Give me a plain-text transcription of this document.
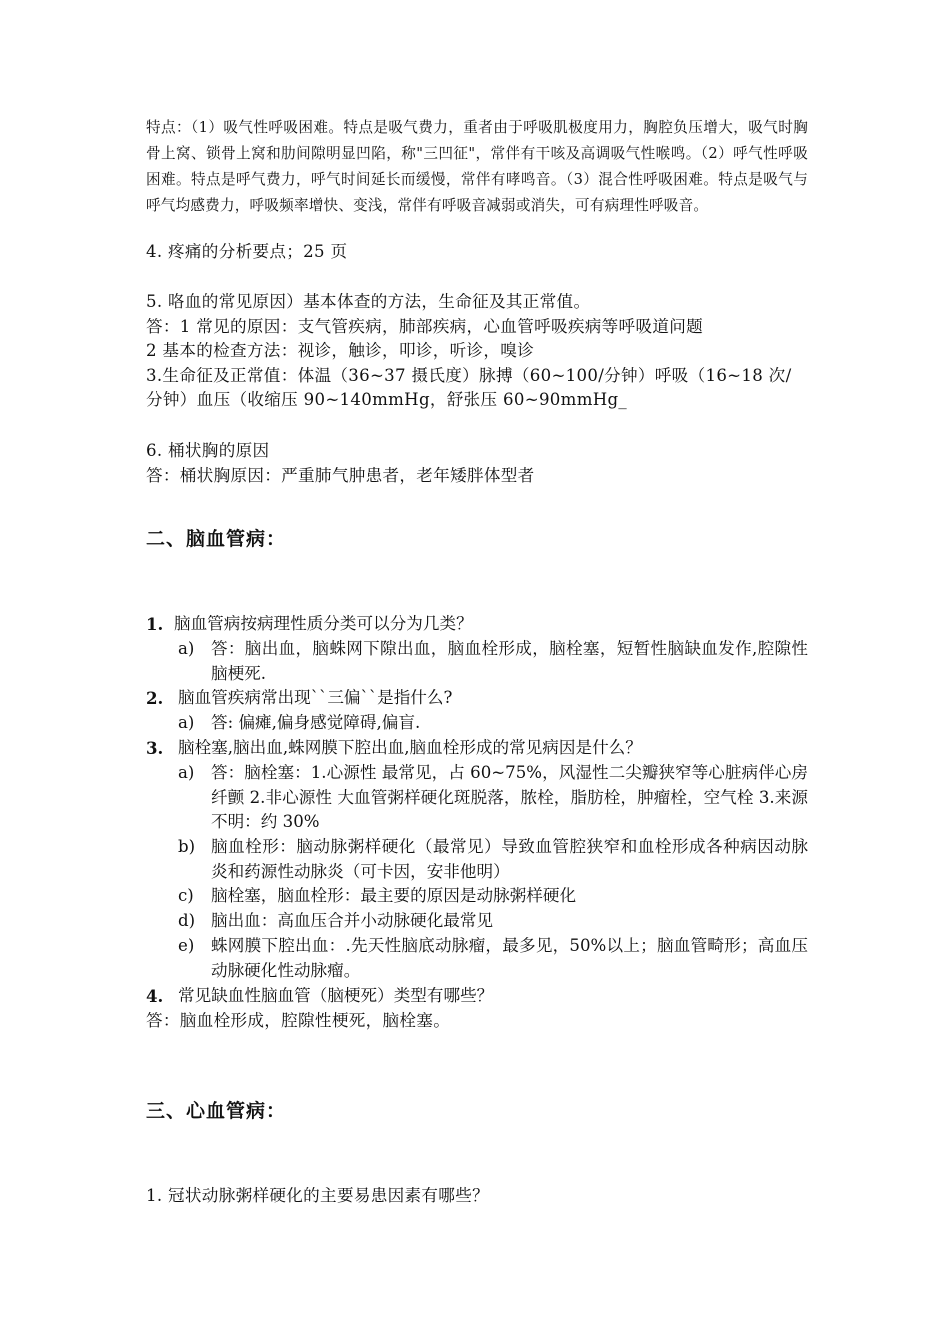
特点：（1）吸气性呼吸困难。特点是吸气费力，重者由于呼吸肌极度用力，胸腔负压增大，吸气时胸骨上窝、锁骨上窝和肋间隙明显凹陷，称"三凹征"，常伴有干咳及高调吸气性喉鸣。（2）呼气性呼吸困难。特点是呼气费力，呼气时间延长而缓慢，常伴有哮鸣音。（3）混合性呼吸困难。特点是吸气与呼气均感费力，呼吸频率增快、变浅，常伴有呼吸音减弱或消失，可有病理性呼吸音。

4. 疼痛的分析要点；25 页

5. 咯血的常见原因）基本体查的方法，生命征及其正常值。

答：1 常见的原因：支气管疾病，肺部疾病，心血管呼吸疾病等呼吸道问题

2 基本的检查方法：视诊，触诊，叩诊，听诊，嗅诊

3.生命征及正常值：体温（36~37 摄氏度）脉搏（60~100/分钟）呼吸（16~18 次/分钟）血压（收缩压 90~140mmHg，舒张压 60~90mmHg_

6. 桶状胸的原因

答：桶状胸原因：严重肺气肿患者，老年矮胖体型者

二、脑血管病：
1. 脑血管病按病理性质分类可以分为几类？
a) 答：脑出血，脑蛛网下隙出血，脑血栓形成，脑栓塞，短暂性脑缺血发作,腔隙性脑梗死.
2. 脑血管疾病常出现``三偏``是指什么?
a) 答: 偏瘫,偏身感觉障碍,偏盲.
3. 脑栓塞,脑出血,蛛网膜下腔出血,脑血栓形成的常见病因是什么？
a) 答：脑栓塞：1.心源性 最常见，占 60~75%，风湿性二尖瓣狭窄等心脏病伴心房纤颤 2.非心源性 大血管粥样硬化斑脱落，脓栓，脂肪栓，肿瘤栓，空气栓 3.来源不明：约 30%
b) 脑血栓形：脑动脉粥样硬化（最常见）导致血管腔狭窄和血栓形成各种病因动脉炎和药源性动脉炎（可卡因，安非他明）
c) 脑栓塞，脑血栓形：最主要的原因是动脉粥样硬化
d) 脑出血：高血压合并小动脉硬化最常见
e) 蛛网膜下腔出血：.先天性脑底动脉瘤，最多见，50%以上；脑血管畸形；高血压动脉硬化性动脉瘤。
4. 常见缺血性脑血管（脑梗死）类型有哪些？

答：脑血栓形成，腔隙性梗死，脑栓塞。

三、心血管病：

1. 冠状动脉粥样硬化的主要易患因素有哪些？
